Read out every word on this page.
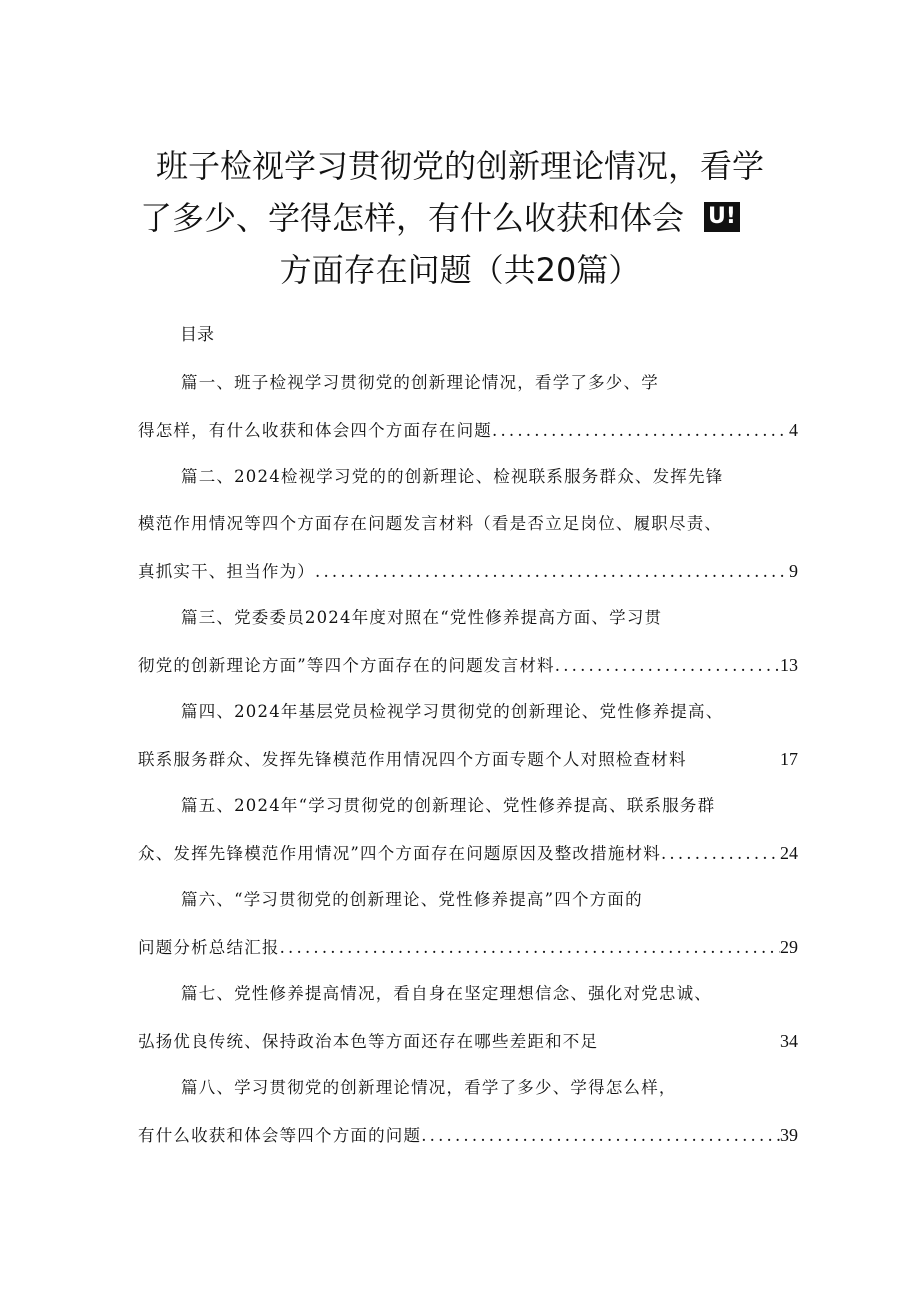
班子检视学习贯彻党的创新理论情况，看学
了多少、学得怎样，有什么收获和体会 U!
方面存在问题（共20篇）
目录
篇一、班子检视学习贯彻党的创新理论情况，看学了多少、学
得怎样，有什么收获和体会四个方面存在问题 .....	4
篇二、2024检视学习党的的创新理论、检视联系服务群众、发挥先锋
模范作用情况等四个方面存在问题发言材料（看是否立足岗位、履职尽责、
真抓实干、担当作为） .....	9
篇三、党委委员2024年度对照在“党性修养提高方面、学习贯
彻党的创新理论方面”等四个方面存在的问题发言材料 .....	13
篇四、2024年基层党员检视学习贯彻党的创新理论、党性修养提高、
联系服务群众、发挥先锋模范作用情况四个方面专题个人对照检查材料	17
篇五、2024年“学习贯彻党的创新理论、党性修养提高、联系服务群
众、发挥先锋模范作用情况”四个方面存在问题原因及整改措施材料 .....	24
篇六、“学习贯彻党的创新理论、党性修养提高”四个方面的
问题分析总结汇报 .....	29
篇七、党性修养提高情况，看自身在坚定理想信念、强化对党忠诚、
弘扬优良传统、保持政治本色等方面还存在哪些差距和不足	34
篇八、学习贯彻党的创新理论情况，看学了多少、学得怎么样，
有什么收获和体会等四个方面的问题 .....	39
